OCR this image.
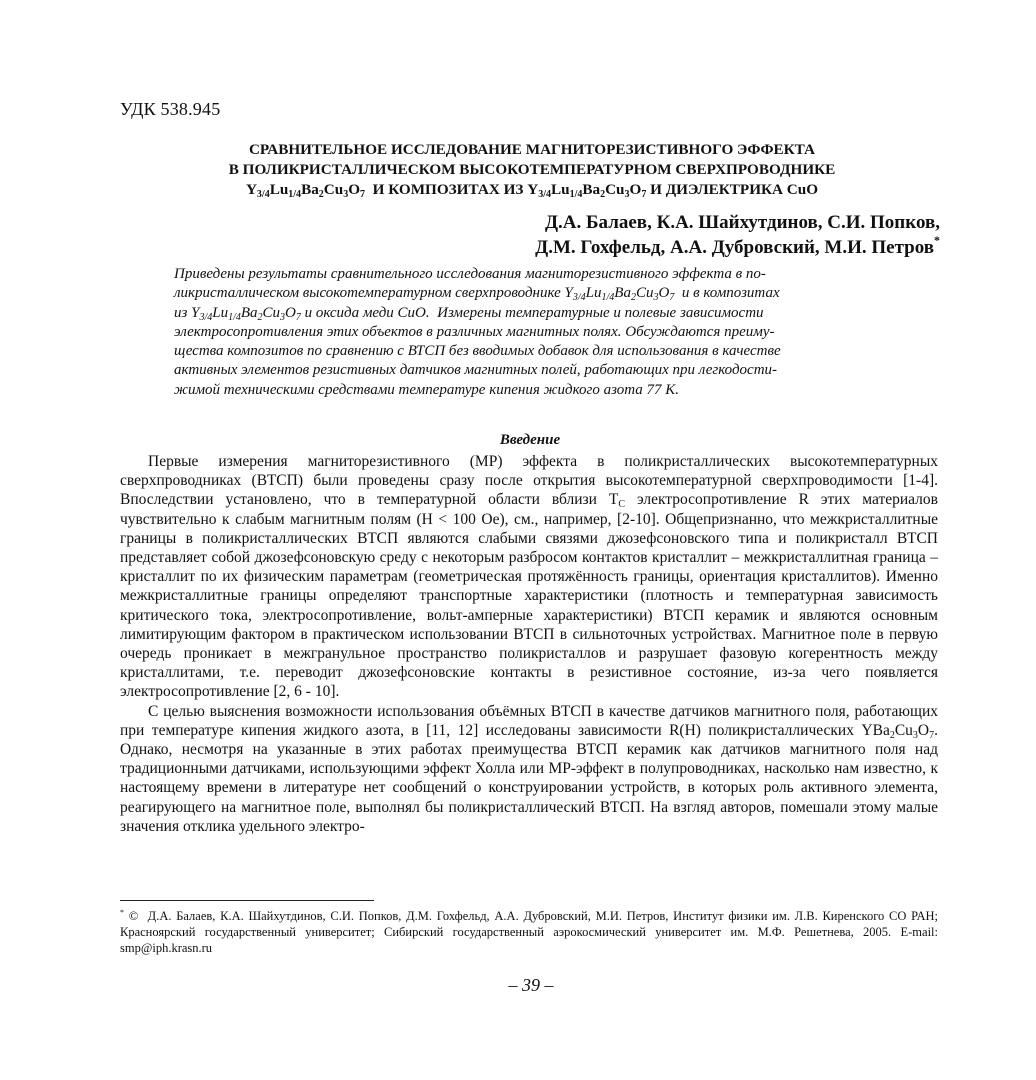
УДК 538.945
СРАВНИТЕЛЬНОЕ ИССЛЕДОВАНИЕ МАГНИТОРЕЗИСТИВНОГО ЭФФЕКТА
В ПОЛИКРИСТАЛЛИЧЕСКОМ ВЫСОКОТЕМПЕРАТУРНОМ СВЕРХПРОВОДНИКЕ
$Y_{3/4}Lu_{1/4}Ba_2Cu_3O_7$  И КОМПОЗИТАХ ИЗ $Y_{3/4}Lu_{1/4}Ba_2Cu_3O_7$ И ДИЭЛЕКТРИКА CuO
Д.А. Балаев, К.А. Шайхутдинов, С.И. Попков,
Д.М. Гохфельд, А.А. Дубровский, М.И. Петров*
Приведены результаты сравнительного исследования магниторезистивного эффекта в по-
ликристаллическом высокотемпературном сверхпроводнике $Y_{3/4}Lu_{1/4}Ba_2Cu_3O_7$  и в композитах
из $Y_{3/4}Lu_{1/4}Ba_2Cu_3O_7$ и оксида меди CuO.  Измерены температурные и полевые зависимости
электросопротивления этих объектов в различных магнитных полях. Обсуждаются преиму-
щества композитов по сравнению с ВТСП без вводимых добавок для использования в качестве
активных элементов резистивных датчиков магнитных полей, работающих при легкодости-
жимой техническими средствами температуре кипения жидкого азота 77 К.
Введение

Первые измерения магниторезистивного (МР) эффекта в поликристаллических высокотемпературных сверхпроводниках (ВТСП) были проведены сразу после открытия высокотемпературной сверхпроводимости [1-4]. Впоследствии установлено, что в температурной области вблизи $T_C$ электросопротивление R этих материалов чувствительно к слабым магнитным полям (H < 100 Oe), см., например, [2-10]. Общепризнанно, что межкристаллитные границы в поликристаллических ВТСП являются слабыми связями джозефсоновского типа и поликристалл ВТСП представляет собой джозефсоновскую среду с некоторым разбросом контактов кристаллит – межкристаллитная граница – кристаллит по их физическим параметрам (геометрическая протяжённость границы, ориентация кристаллитов). Именно межкристаллитные границы определяют транспортные характеристики (плотность и температурная зависимость критического тока, электросопротивление, вольт-амперные характеристики) ВТСП керамик и являются основным лимитирующим фактором в практическом использовании ВТСП в сильноточных устройствах. Магнитное поле в первую очередь проникает в межгранульное пространство поликристаллов и разрушает фазовую когерентность между кристаллитами, т.е. переводит джозефсоновские контакты в резистивное состояние, из-за чего появляется электросопротивление [2, 6 - 10].

С целью выяснения возможности использования объёмных ВТСП в качестве датчиков магнитного поля, работающих при температуре кипения жидкого азота, в [11, 12] исследованы зависимости R(H) поликристаллических $YBa_2Cu_3O_7$. Однако, несмотря на указанные в этих работах преимущества ВТСП керамик как датчиков магнитного поля над традиционными датчиками, использующими эффект Холла или МР-эффект в полупроводниках, насколько нам известно, к настоящему времени в литературе нет сообщений о конструировании устройств, в которых роль активного элемента, реагирующего на магнитное поле, выполнял бы поликристаллический ВТСП. На взгляд авторов, помешали этому малые значения отклика удельного электро-

* ©  Д.А. Балаев, К.А. Шайхутдинов, С.И. Попков, Д.М. Гохфельд, А.А. Дубровский, М.И. Петров, Институт физики им. Л.В. Киренского СО РАН; Красноярский государственный университет; Сибирский государственный аэрокосмический университет им. М.Ф. Решетнева, 2005. E-mail: smp@iph.krasn.ru
– 39 –
